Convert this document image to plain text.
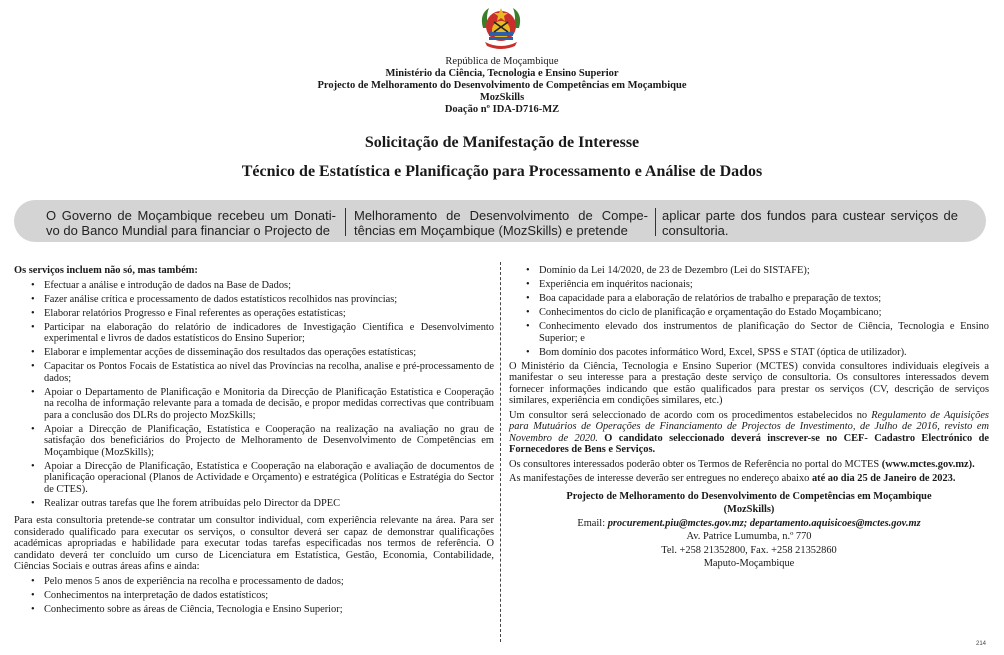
República de Moçambique
Ministério da Ciência, Tecnologia e Ensino Superior
Projecto de Melhoramento do Desenvolvimento de Competências em Moçambique
MozSkills
Doação nº IDA-D716-MZ
Solicitação de Manifestação de Interesse
Técnico de Estatística e Planificação para Processamento e Análise de Dados
O Governo de Moçambique recebeu um Donati- vo do Banco Mundial para financiar o Projecto de
Melhoramento de Desenvolvimento de Compe- tências em Moçambique (MozSkills) e pretende
aplicar parte dos fundos para custear serviços de consultoria.

Os serviços incluem não só, mas também:

• Efectuar a análise e introdução de dados na Base de Dados;
• Fazer análise crítica e processamento de dados estatísticos recolhidos nas províncias;
• Elaborar relatórios Progresso e Final referentes as operações estatísticas;
• Participar na elaboração do relatório de indicadores de Investigação Científica e Desenvolvimento experimental e livros de dados estatísticos do Ensino Superior;
• Elaborar e implementar acções de disseminação dos resultados das operações estatísticas;
• Capacitar os Pontos Focais de Estatística ao nível das Províncias na recolha, analise e pré-processamento de dados;
• Apoiar o Departamento de Planificação e Monitoria da Direcção de Planificação Estatística e Cooperação na recolha de informação relevante para a tomada de decisão, e propor medidas correctivas que contribuam para a conclusão dos DLRs do projecto MozSkills;
• Apoiar a Direcção de Planificação, Estatística e Cooperação na realização na avaliação no grau de satisfação dos beneficiários do Projecto de Melhoramento de Desenvolvimento de Competências em Moçambique (MozSkills);
• Apoiar a Direcção de Planificação, Estatística e Cooperação na elaboração e avaliação de documentos de planificação operacional (Planos de Actividade e Orçamento) e estratégica (Políticas e Estratégia do Sector de CTES).
• Realizar outras tarefas que lhe forem atribuídas pelo Director da DPEC

Para esta consultoria pretende-se contratar um consultor individual, com experiência relevante na área. Para ser considerado qualificado para executar os serviços, o consultor deverá ser capaz de demonstrar qualificações académicas apropriadas e habilidade para executar todas tarefas especificadas nos termos de referência. O candidato deverá ter concluído um curso de Licenciatura em Estatística, Gestão, Economia, Contabilidade, Ciências Sociais e outras áreas afins e ainda:

• Pelo menos 5 anos de experiência na recolha e processamento de dados;
• Conhecimentos na interpretação de dados estatísticos;
• Conhecimento sobre as áreas de Ciência, Tecnologia e Ensino Superior;
• Domínio da Lei 14/2020, de 23 de Dezembro (Lei do SISTAFE);
• Experiência em inquéritos nacionais;
• Boa capacidade para a elaboração de relatórios de trabalho e preparação de textos;
• Conhecimentos do ciclo de planificação e orçamentação do Estado Moçambicano;
• Conhecimento elevado dos instrumentos de planificação do Sector de Ciência, Tecnologia e Ensino Superior; e
• Bom domínio dos pacotes informático Word, Excel, SPSS e STAT (óptica de utilizador).

O Ministério da Ciência, Tecnologia e Ensino Superior (MCTES) convida consultores individuais elegíveis a manifestar o seu interesse para a prestação deste serviço de consultoria. Os consultores interessados devem fornecer informações indicando que estão qualificados para prestar os serviços (CV, descrição de serviços similares, experiência em condições similares, etc.)

Um consultor será seleccionado de acordo com os procedimentos estabelecidos no Regulamento de Aquisições para Mutuários de Operações de Financiamento de Projectos de Investimento, de Julho de 2016, revisto em Novembro de 2020. O candidato seleccionado deverá inscrever-se no CEF- Cadastro Electrónico de Fornecedores de Bens e Serviços.

Os consultores interessados poderão obter os Termos de Referência no portal do MCTES (www.mctes.gov.mz).

As manifestações de interesse deverão ser entregues no endereço abaixo até ao dia 25 de Janeiro de 2023.

Projecto de Melhoramento do Desenvolvimento de Competências em Moçambique
(MozSkills)
Email: procurement.piu@mctes.gov.mz; departamento.aquisicoes@mctes.gov.mz
Av. Patrice Lumumba, n.º 770
Tel. +258 21352800, Fax. +258 21352860
Maputo-Moçambique
214
